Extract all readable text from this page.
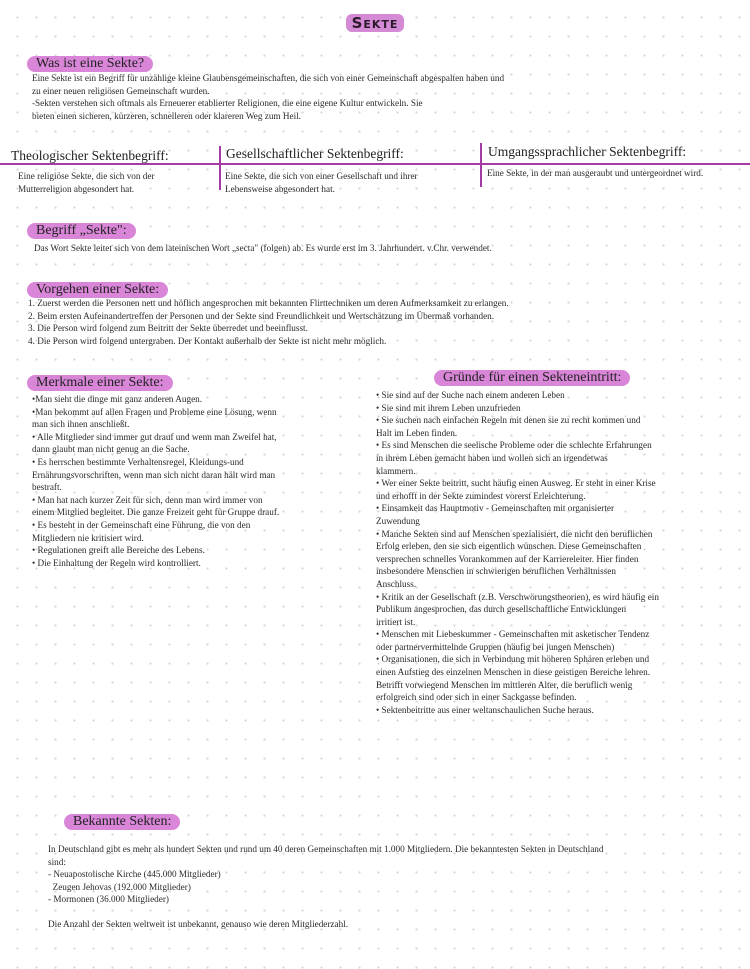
Sekte
Was ist eine Sekte?

Eine Sekte ist ein Begriff für unzählige kleine Glaubensgemeinschaften, die sich von einer Gemeinschaft abgespalten haben und

zu einer neuen religiösen Gemeinschaft wurden.

-Sekten verstehen sich oftmals als Erneuerer etablierter Religionen, die eine eigene Kultur entwickeln. Sie

bieten einen sicheren, kürzeren, schnelleren oder klareren Weg zum Heil.

Theologischer Sektenbegriff:	Gesellschaftlicher Sektenbegriff:	Umgangssprachlicher Sektenbegriff:

Eine religiöse Sekte, die sich von der

Mutterreligion abgesondert hat.

Eine Sekte, die sich von einer Gesellschaft und ihrer

Lebensweise abgesondert hat.

Eine Sekte, in der man ausgeraubt und untergeordnet wird.

Begriff „Sekte":
Das Wort Sekte leitet sich von dem lateinischen Wort „secta" (folgen) ab. Es wurde erst im 3. Jahrhundert. v.Chr. verwendet.
Vorgehen einer Sekte:

1. Zuerst werden die Personen nett und höflich angesprochen mit bekannten Flirttechniken um deren Aufmerksamkeit zu erlangen.

2. Beim ersten Aufeinandertreffen der Personen und der Sekte sind Freundlichkeit und Wertschätzung im Übermaß vorhanden.

3. Die Person wird folgend zum Beitritt der Sekte überredet und beeinflusst.

4. Die Person wird folgend untergraben. Der Kontakt außerhalb der Sekte ist nicht mehr möglich.

Merkmale einer Sekte:

•Man sieht die dinge mit ganz anderen Augen.

•Man bekommt auf allen Fragen und Probleme eine Lösung, wenn

man sich ihnen anschließt.

• Alle Mitglieder sind immer gut drauf und wenn man Zweifel hat,

dann glaubt man nicht genug an die Sache.

• Es herrschen bestimmte Verhaltensregel, Kleidungs-und

Ernährungsvorschriften, wenn man sich nicht daran hält wird man

bestraft.

• Man hat nach kurzer Zeit für sich, denn man wird immer von

einem Mitglied begleitet. Die ganze Freizeit geht für Gruppe drauf.

• Es besteht in der Gemeinschaft eine Führung, die von den

Mitgliedern nie kritisiert wird.

• Regulationen greift alle Bereiche des Lebens.

• Die Einhaltung der Regeln wird kontrolliert.

Gründe für einen Sekteneintritt:

• Sie sind auf der Suche nach einem anderen Leben

• Sie sind mit ihrem Leben unzufrieden

• Sie suchen nach einfachen Regeln mit denen sie zu recht kommen und

Halt im Leben finden.

• Es sind Menschen die seelische Probleme oder die schlechte Erfahrungen

in ihrem Leben gemacht haben und wollen sich an irgendetwas

klammern.

• Wer einer Sekte beitritt, sucht häufig einen Ausweg. Er steht in einer Krise

und erhofft in der Sekte zumindest vorerst Erleichterung.

• Einsamkeit das Hauptmotiv - Gemeinschaften mit organisierter

Zuwendung

• Manche Sekten sind auf Menschen spezialisiert, die nicht den beruflichen

Erfolg erleben, den sie sich eigentlich wünschen. Diese Gemeinschaften

versprechen schnelles Vorankommen auf der Karriereleiter. Hier finden

insbesondere Menschen in schwierigen beruflichen Verhältnissen

Anschluss.

• Kritik an der Gesellschaft (z.B. Verschwörungstheorien), es wird häufig ein

Publikum angesprochen, das durch gesellschaftliche Entwicklungen

irritiert ist.

• Menschen mit Liebeskummer - Gemeinschaften mit asketischer Tendenz

oder partnervermittelnde Gruppen (häufig bei jungen Menschen)

• Organisationen, die sich in Verbindung mit höheren Sphären erleben und

einen Aufstieg des einzelnen Menschen in diese geistigen Bereiche lehren.

Betrifft vorwiegend Menschen im mittleren Alter, die beruflich wenig

erfolgreich sind oder sich in einer Sackgasse befinden.

• Sektenbeitritte aus einer weltanschaulichen Suche heraus.

Bekannte Sekten:

In Deutschland gibt es mehr als hundert Sekten und rund um 40 deren Gemeinschaften mit 1.000 Mitgliedern. Die bekanntesten Sekten in Deutschland

sind:

- Neuapostolische Kirche (445.000 Mitglieder)

Zeugen Jehovas (192.000 Mitglieder)

- Mormonen (36.000 Mitglieder)

Die Anzahl der Sekten weltweit ist unbekannt, genauso wie deren Mitgliederzahl.
